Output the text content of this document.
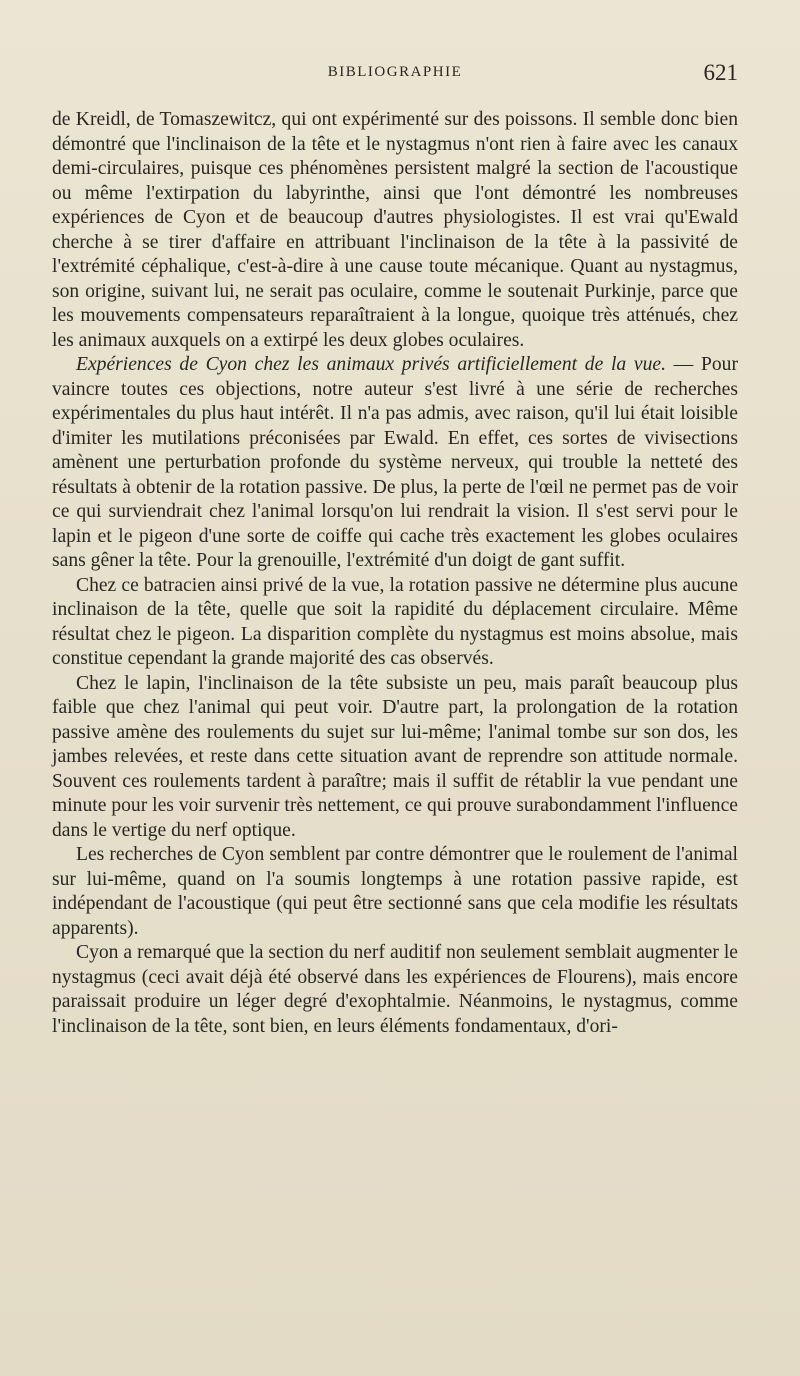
BIBLIOGRAPHIE	621

de Kreidl, de Tomaszewitcz, qui ont expérimenté sur des poissons. Il semble donc bien démontré que l'inclinaison de la tête et le nystagmus n'ont rien à faire avec les canaux demi-circulaires, puisque ces phénomènes persistent malgré la section de l'acoustique ou même l'extirpation du labyrinthe, ainsi que l'ont démontré les nombreuses expériences de Cyon et de beaucoup d'autres physiologistes. Il est vrai qu'Ewald cherche à se tirer d'affaire en attribuant l'inclinaison de la tête à la passivité de l'extrémité céphalique, c'est-à-dire à une cause toute mécanique. Quant au nystagmus, son origine, suivant lui, ne serait pas oculaire, comme le soutenait Purkinje, parce que les mouvements compensateurs reparaîtraient à la longue, quoique très atténués, chez les animaux auxquels on a extirpé les deux globes oculaires.

Expériences de Cyon chez les animaux privés artificiellement de la vue. — Pour vaincre toutes ces objections, notre auteur s'est livré à une série de recherches expérimentales du plus haut intérêt. Il n'a pas admis, avec raison, qu'il lui était loisible d'imiter les mutilations préconisées par Ewald. En effet, ces sortes de vivisections amènent une perturbation profonde du système nerveux, qui trouble la netteté des résultats à obtenir de la rotation passive. De plus, la perte de l'œil ne permet pas de voir ce qui surviendrait chez l'animal lorsqu'on lui rendrait la vision. Il s'est servi pour le lapin et le pigeon d'une sorte de coiffe qui cache très exactement les globes oculaires sans gêner la tête. Pour la grenouille, l'extrémité d'un doigt de gant suffit.

Chez ce batracien ainsi privé de la vue, la rotation passive ne détermine plus aucune inclinaison de la tête, quelle que soit la rapidité du déplacement circulaire. Même résultat chez le pigeon. La disparition complète du nystagmus est moins absolue, mais constitue cependant la grande majorité des cas observés.

Chez le lapin, l'inclinaison de la tête subsiste un peu, mais paraît beaucoup plus faible que chez l'animal qui peut voir. D'autre part, la prolongation de la rotation passive amène des roulements du sujet sur lui-même; l'animal tombe sur son dos, les jambes relevées, et reste dans cette situation avant de reprendre son attitude normale. Souvent ces roulements tardent à paraître; mais il suffit de rétablir la vue pendant une minute pour les voir survenir très nettement, ce qui prouve surabondamment l'influence dans le vertige du nerf optique.

Les recherches de Cyon semblent par contre démontrer que le roulement de l'animal sur lui-même, quand on l'a soumis longtemps à une rotation passive rapide, est indépendant de l'acoustique (qui peut être sectionné sans que cela modifie les résultats apparents).

Cyon a remarqué que la section du nerf auditif non seulement semblait augmenter le nystagmus (ceci avait déjà été observé dans les expériences de Flourens), mais encore paraissait produire un léger degré d'exophtalmie. Néanmoins, le nystagmus, comme l'inclinaison de la tête, sont bien, en leurs éléments fondamentaux, d'ori-
